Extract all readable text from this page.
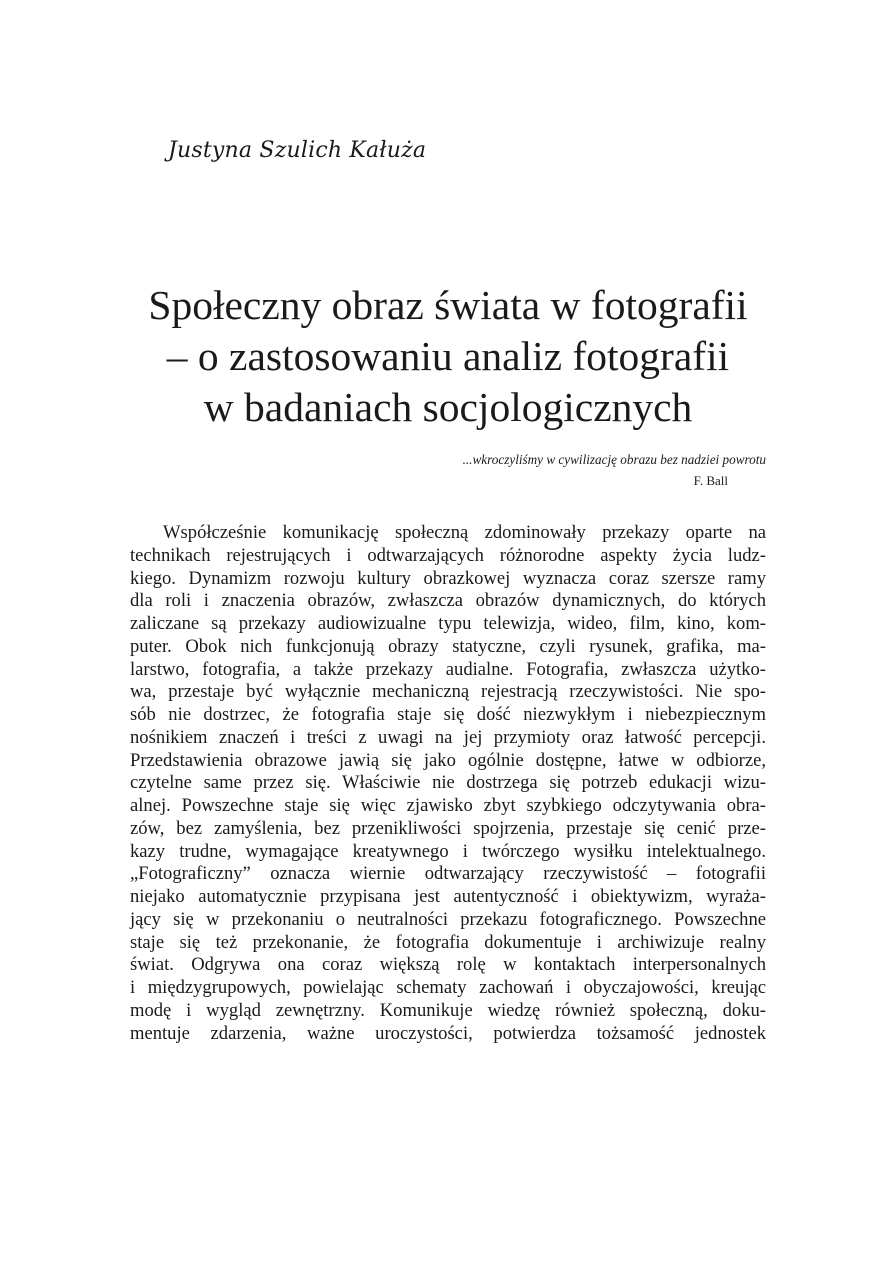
Justyna Szulich Kałuża
Społeczny obraz świata w fotografii
– o zastosowaniu analiz fotografii
w badaniach socjologicznych
...wkroczyliśmy w cywilizację obrazu bez nadziei powrotu
F. Ball
Współcześnie komunikację społeczną zdominowały przekazy oparte na
technikach rejestrujących i odtwarzających różnorodne aspekty życia ludz-
kiego. Dynamizm rozwoju kultury obrazkowej wyznacza coraz szersze ramy
dla roli i znaczenia obrazów, zwłaszcza obrazów dynamicznych, do których
zaliczane są przekazy audiowizualne typu telewizja, wideo, film, kino, kom-
puter. Obok nich funkcjonują obrazy statyczne, czyli rysunek, grafika, ma-
larstwo, fotografia, a także przekazy audialne. Fotografia, zwłaszcza użytko-
wa, przestaje być wyłącznie mechaniczną rejestracją rzeczywistości. Nie spo-
sób nie dostrzec, że fotografia staje się dość niezwykłym i niebezpiecznym
nośnikiem znaczeń i treści z uwagi na jej przymioty oraz łatwość percepcji.
Przedstawienia obrazowe jawią się jako ogólnie dostępne, łatwe w odbiorze,
czytelne same przez się. Właściwie nie dostrzega się potrzeb edukacji wizu-
alnej. Powszechne staje się więc zjawisko zbyt szybkiego odczytywania obra-
zów, bez zamyślenia, bez przenikliwości spojrzenia, przestaje się cenić prze-
kazy trudne, wymagające kreatywnego i twórczego wysiłku intelektualnego.
„Fotograficzny” oznacza wiernie odtwarzający rzeczywistość – fotografii
niejako automatycznie przypisana jest autentyczność i obiektywizm, wyraża-
jący się w przekonaniu o neutralności przekazu fotograficznego. Powszechne
staje się też przekonanie, że fotografia dokumentuje i archiwizuje realny
świat. Odgrywa ona coraz większą rolę w kontaktach interpersonalnych
i międzygrupowych, powielając schematy zachowań i obyczajowości, kreując
modę i wygląd zewnętrzny. Komunikuje wiedzę również społeczną, doku-
mentuje zdarzenia, ważne uroczystości, potwierdza tożsamość jednostek
